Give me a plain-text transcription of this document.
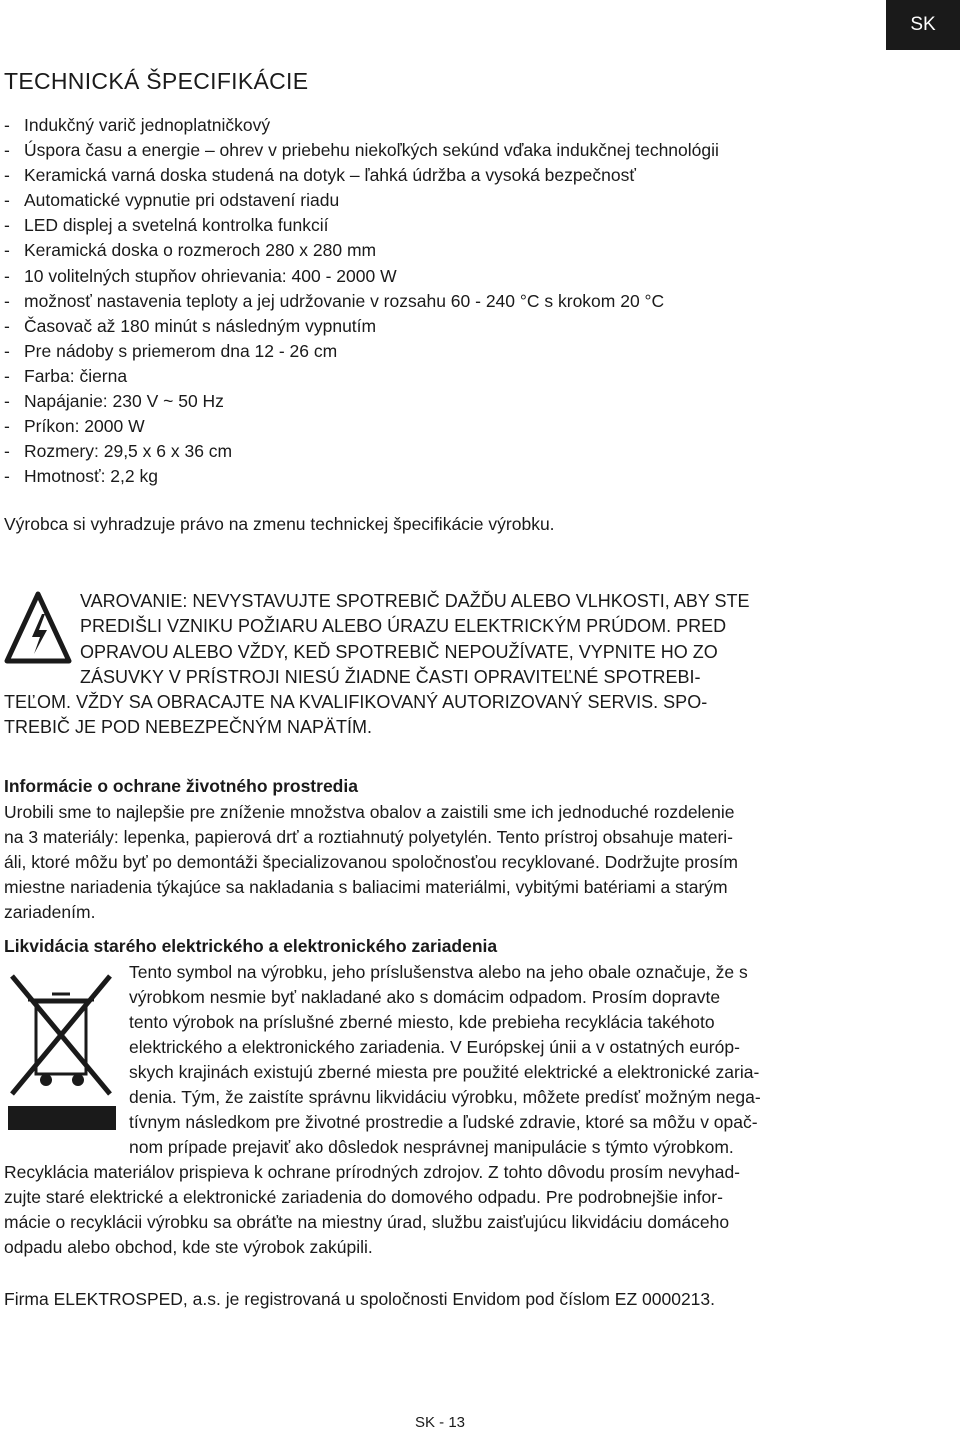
SK
TECHNICKÁ ŠPECIFIKÁCIE
- Indukčný varič jednoplatničkový
- Úspora času a energie – ohrev v priebehu niekoľkých sekúnd vďaka indukčnej technológii
- Keramická varná doska studená na dotyk – ľahká údržba a vysoká bezpečnosť
- Automatické vypnutie pri odstavení riadu
- LED displej a svetelná kontrolka funkcií
- Keramická doska o rozmeroch 280 x 280 mm
- 10 volitelných stupňov ohrievania: 400 - 2000 W
- možnosť nastavenia teploty a jej udržovanie v rozsahu 60 - 240 °C s krokom 20 °C
- Časovač až 180 minút s následným vypnutím
- Pre nádoby s priemerom dna 12 - 26 cm
- Farba: čierna
- Napájanie: 230 V ~ 50 Hz
- Príkon: 2000 W
- Rozmery: 29,5 x 6 x 36 cm
- Hmotnosť: 2,2 kg

Výrobca si vyhradzuje právo na zmenu technickej špecifikácie výrobku.

VAROVANIE: NEVYSTAVUJTE SPOTREBIČ DAŽĎU ALEBO VLHKOSTI, ABY STE
PREDIŠLI VZNIKU POŽIARU ALEBO ÚRAZU ELEKTRICKÝM PRÚDOM. PRED
OPRAVOU ALEBO VŽDY, KEĎ SPOTREBIČ NEPOUŽÍVATE, VYPNITE HO ZO
ZÁSUVKY V PRÍSTROJI NIESÚ ŽIADNE ČASTI OPRAVITEĽNÉ SPOTREBI-
TEĽOM. VŽDY SA OBRACAJTE NA KVALIFIKOVANÝ AUTORIZOVANÝ SERVIS. SPO-
TREBIČ JE POD NEBEZPEČNÝM NAPÄTÍM.
Informácie o ochrane životného prostredia
Urobili sme to najlepšie pre zníženie množstva obalov a zaistili sme ich jednoduché rozdelenie
na 3 materiály: lepenka, papierová drť a roztiahnutý polyetylén. Tento prístroj obsahuje materi-
áli, ktoré môžu byť po demontáži špecializovanou spoločnosťou recyklované. Dodržujte prosím
miestne nariadenia týkajúce sa nakladania s baliacimi materiálmi, vybitými batériami a starým
zariadením.
Likvidácia starého elektrického a elektronického zariadenia
Tento symbol na výrobku, jeho príslušenstva alebo na jeho obale označuje, že s
výrobkom nesmie byť nakladané ako s domácim odpadom. Prosím dopravte
tento výrobok na príslušné zberné miesto, kde prebieha recyklácia takéhoto
elektrického a elektronického zariadenia. V Európskej únii a v ostatných európ-
skych krajinách existujú zberné miesta pre použité elektrické a elektronické zaria-
denia. Tým, že zaistíte správnu likvidáciu výrobku, môžete predísť možným nega-
tívnym následkom pre životné prostredie a ľudské zdravie, ktoré sa môžu v opač-
nom prípade prejaviť ako dôsledok nesprávnej manipulácie s týmto výrobkom.
Recyklácia materiálov prispieva k ochrane prírodných zdrojov. Z tohto dôvodu prosím nevyhad-
zujte staré elektrické a elektronické zariadenia do domového odpadu. Pre podrobnejšie infor-
mácie o recyklácii výrobku sa obráťte na miestny úrad, službu zaisťujúcu likvidáciu domáceho
odpadu alebo obchod, kde ste výrobok zakúpili.

Firma ELEKTROSPED, a.s. je registrovaná u spoločnosti Envidom pod číslom EZ 0000213.

SK - 13
